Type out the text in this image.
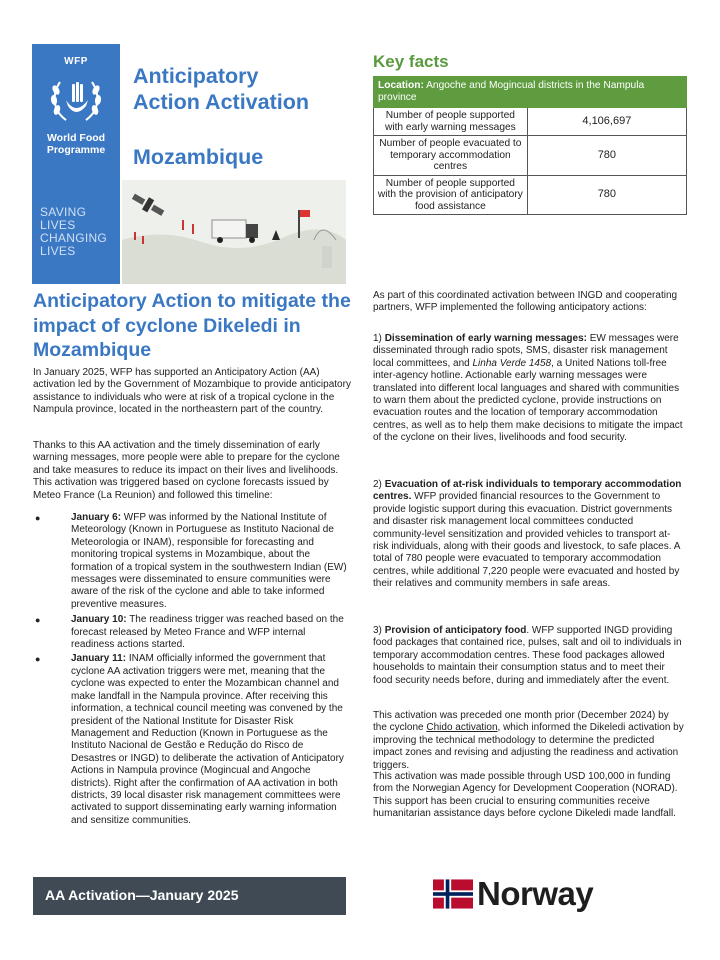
WFP
World Food
Programme
SAVING
LIVES
CHANGING
LIVES
Anticipatory
Action Activation
Mozambique
Key facts
Location: Angoche and Mogincual districts in the Nampula province	
Number of people supported with early warning messages	4,106,697
Number of people evacuated to temporary accommodation centres	780
Number of people supported with the provision of anticipatory food assistance	780
Anticipatory Action to mitigate the impact of cyclone Dikeledi in Mozambique

In January 2025, WFP has supported an Anticipatory Action (AA) activation led by the Government of Mozambique to provide anticipatory assistance to individuals who were at risk of a tropical cyclone in the Nampula province, located in the northeastern part of the country.

Thanks to this AA activation and the timely dissemination of early warning messages, more people were able to prepare for the cyclone and take measures to reduce its impact on their lives and livelihoods. This activation was triggered based on cyclone forecasts issued by Meteo France (La Reunion) and followed this timeline:

●	January 6: WFP was informed by the National Institute of Meteorology (Known in Portuguese as Instituto Nacional de Meteorologia or INAM), responsible for forecasting and monitoring tropical systems in Mozambique, about the formation of a tropical system in the southwestern Indian (EW) messages were disseminated to ensure communities were aware of the risk of the cyclone and able to take informed preventive measures.
●	January 10: The readiness trigger was reached based on the forecast released by Meteo France and WFP internal readiness actions started.
●	January 11: INAM officially informed the government that cyclone AA activation triggers were met, meaning that the cyclone was expected to enter the Mozambican channel and make landfall in the Nampula province. After receiving this information, a technical council meeting was convened by the president of the National Institute for Disaster Risk Management and Reduction (Known in Portuguese as the Instituto Nacional de Gestão e Redução do Risco de Desastres or INGD) to deliberate the activation of Anticipatory Actions in Nampula province (Mogincual and Angoche districts). Right after the confirmation of AA activation in both districts, 39 local disaster risk management committees were activated to support disseminating early warning information and sensitize communities.

As part of this coordinated activation between INGD and cooperating partners, WFP implemented the following anticipatory actions:

1) Dissemination of early warning messages: EW messages were disseminated through radio spots, SMS, disaster risk management local committees, and Linha Verde 1458, a United Nations toll-free inter-agency hotline. Actionable early warning messages were translated into different local languages and shared with communities to warn them about the predicted cyclone, provide instructions on evacuation routes and the location of temporary accommodation centres, as well as to help them make decisions to mitigate the impact of the cyclone on their lives, livelihoods and food security.

2) Evacuation of at-risk individuals to temporary accommodation centres. WFP provided financial resources to the Government to provide logistic support during this evacuation. District governments and disaster risk management local committees conducted community-level sensitization and provided vehicles to transport at-risk individuals, along with their goods and livestock, to safe places. A total of 780 people were evacuated to temporary accommodation centres, while additional 7,220 people were evacuated and hosted by their relatives and community members in safe areas.

3) Provision of anticipatory food. WFP supported INGD providing food packages that contained rice, pulses, salt and oil to individuals in temporary accommodation centres. These food packages allowed households to maintain their consumption status and to meet their food security needs before, during and immediately after the event.

This activation was preceded one month prior (December 2024) by the cyclone Chido activation, which informed the Dikeledi activation by improving the technical methodology to determine the predicted impact zones and revising and adjusting the readiness and activation triggers.

This activation was made possible through USD 100,000 in funding from the Norwegian Agency for Development Cooperation (NORAD). This support has been crucial to ensuring communities receive humanitarian assistance days before cyclone Dikeledi made landfall.

AA Activation—January 2025	Norway
